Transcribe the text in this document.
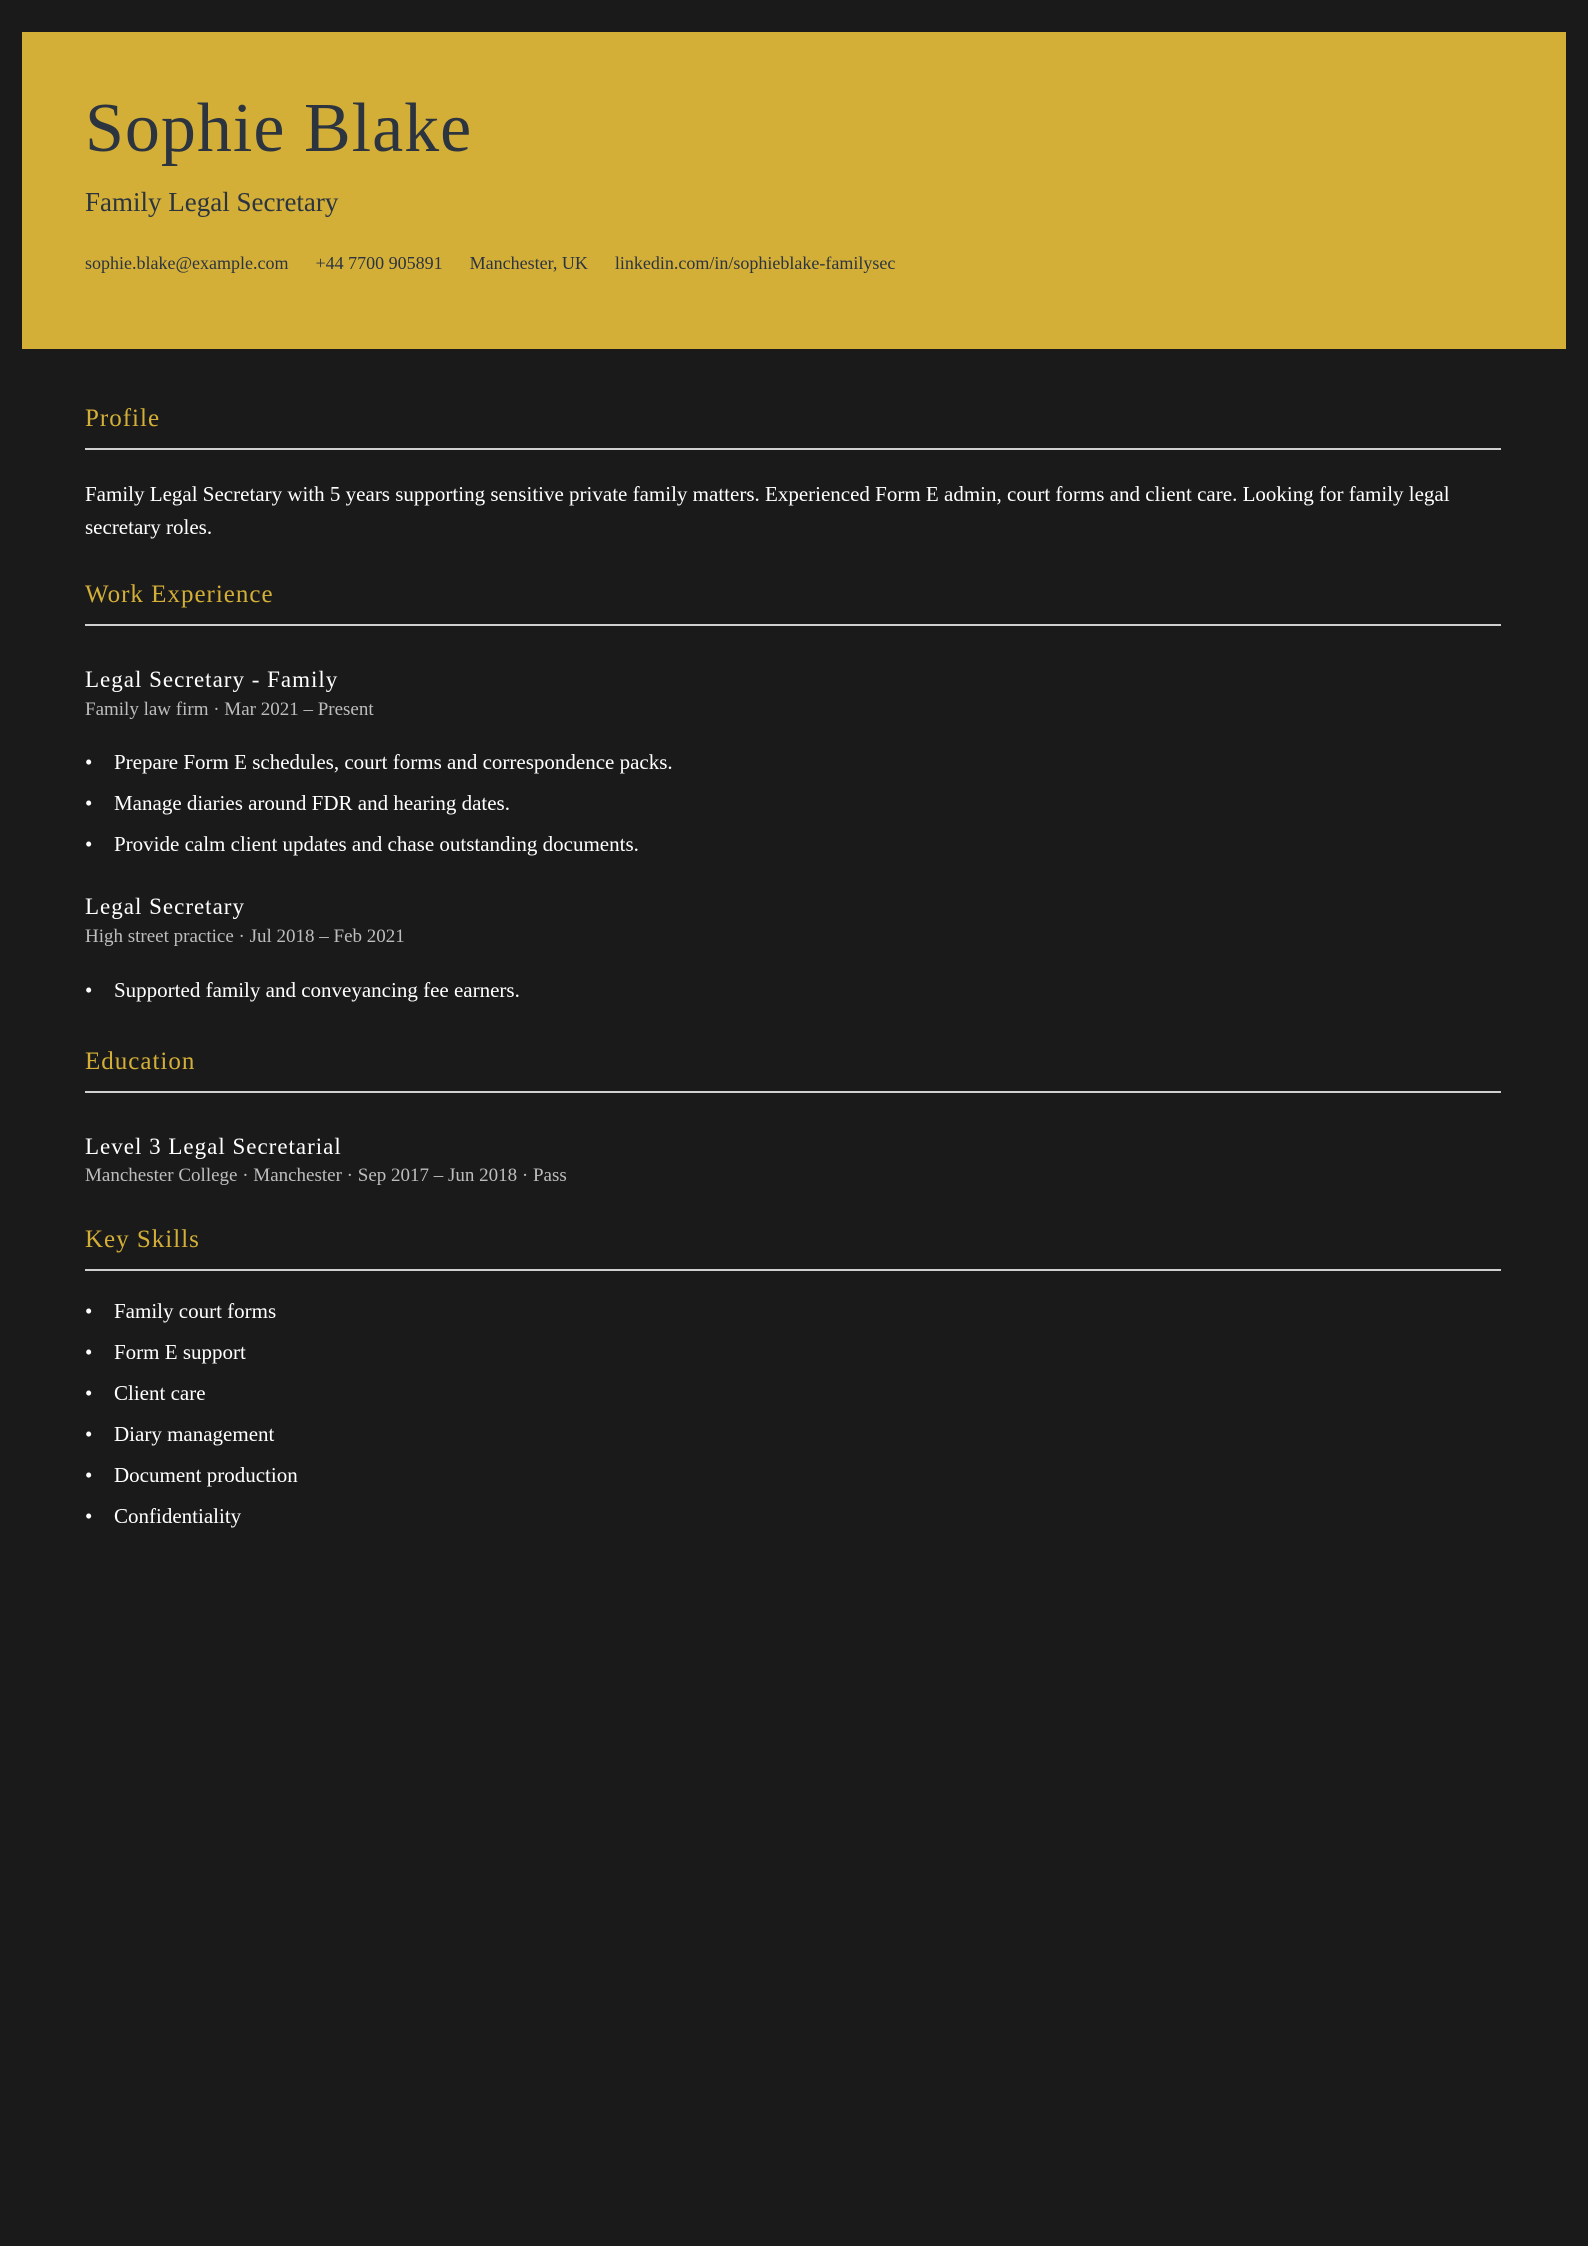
Sophie Blake
Family Legal Secretary
sophie.blake@example.com +44 7700 905891 Manchester, UK linkedin.com/in/sophieblake-familysec
Profile

Family Legal Secretary with 5 years supporting sensitive private family matters. Experienced Form E admin, court forms and client care. Looking for family legal secretary roles.

Work Experience
Legal Secretary - Family
Family law firm · Mar 2021 – Present
• Prepare Form E schedules, court forms and correspondence packs.
• Manage diaries around FDR and hearing dates.
• Provide calm client updates and chase outstanding documents.
Legal Secretary
High street practice · Jul 2018 – Feb 2021
• Supported family and conveyancing fee earners.
Education
Level 3 Legal Secretarial
Manchester College · Manchester · Sep 2017 – Jun 2018 · Pass
Key Skills
• Family court forms
• Form E support
• Client care
• Diary management
• Document production
• Confidentiality
